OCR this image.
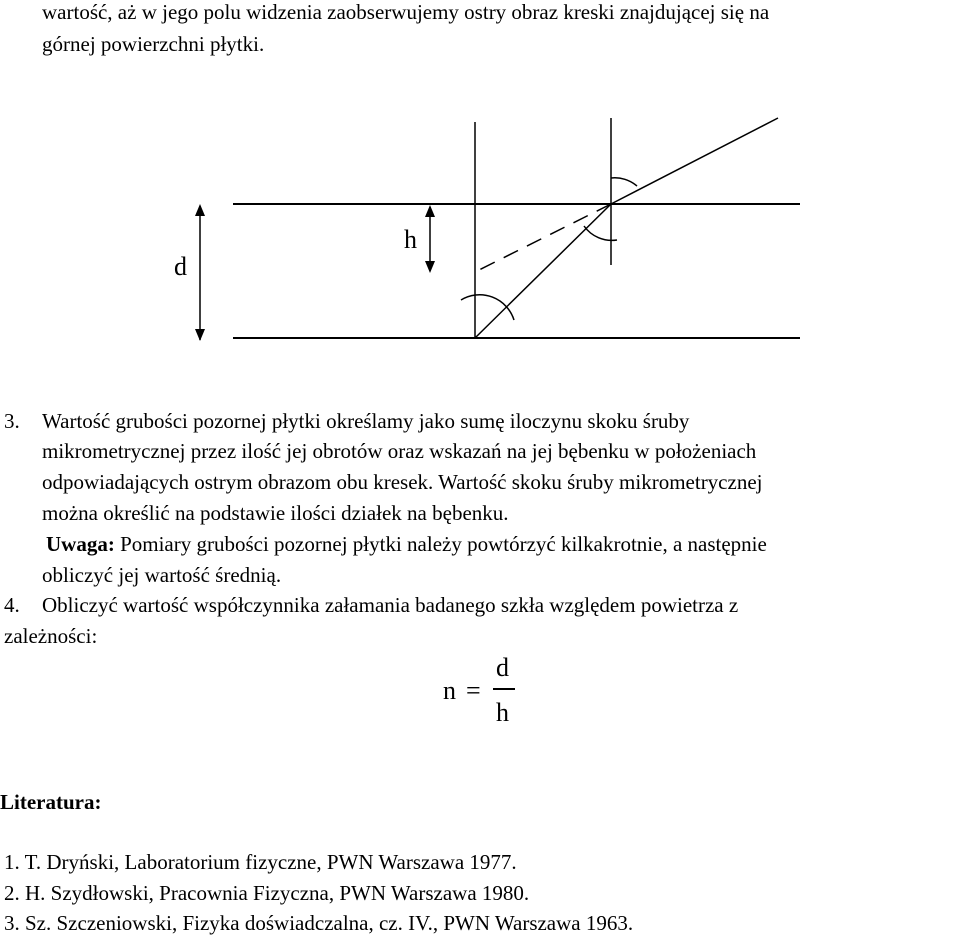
wartość, aż w jego polu widzenia zaobserwujemy ostry obraz kreski znajdującej się na
górnej powierzchni płytki.
d
h
3. Wartość grubości pozornej płytki określamy jako sumę iloczynu skoku śruby
mikrometrycznej przez ilość jej obrotów oraz wskazań na jej bębenku w położeniach
odpowiadających ostrym obrazom obu kresek. Wartość skoku śruby mikrometrycznej
można określić na podstawie ilości działek na bębenku.
Uwaga: Pomiary grubości pozornej płytki należy powtórzyć kilkakrotnie, a następnie
obliczyć jej wartość średnią.
4. Obliczyć wartość współczynnika załamania badanego szkła względem powietrza z
zależności:
n =
d
h
Literatura:
1. T. Dryński, Laboratorium fizyczne, PWN Warszawa 1977.
2. H. Szydłowski, Pracownia Fizyczna, PWN Warszawa 1980.
3. Sz. Szczeniowski, Fizyka doświadczalna, cz. IV., PWN Warszawa 1963.
